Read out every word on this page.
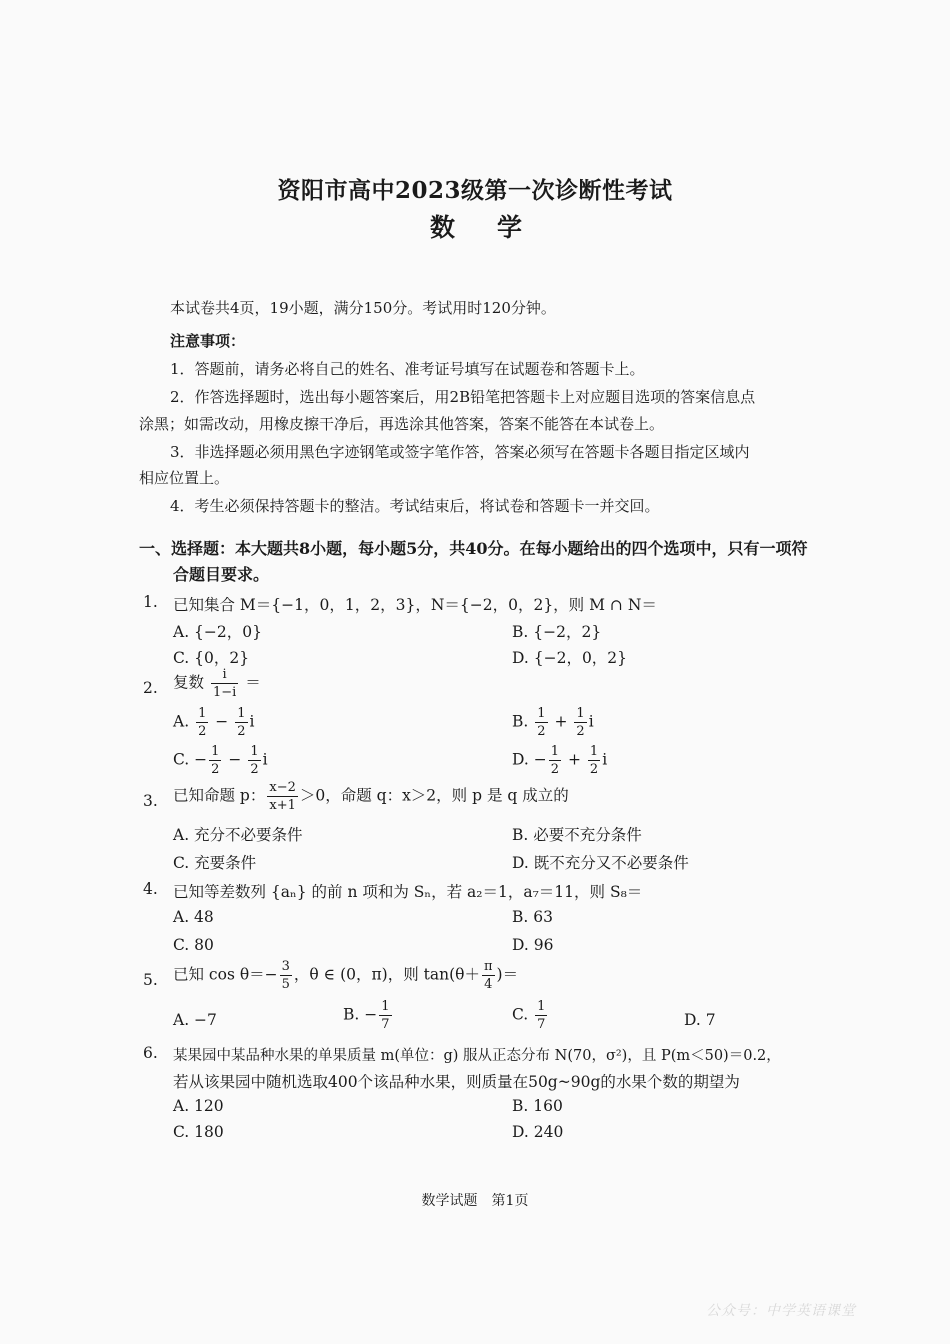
资阳市高中2023级第一次诊断性考试
数学
本试卷共4页，19小题，满分150分。考试用时120分钟。
注意事项：
1．答题前，请务必将自己的姓名、准考证号填写在试题卷和答题卡上。
2．作答选择题时，选出每小题答案后，用2B铅笔把答题卡上对应题目选项的答案信息点
涂黑；如需改动，用橡皮擦干净后，再选涂其他答案，答案不能答在本试卷上。
3．非选择题必须用黑色字迹钢笔或签字笔作答，答案必须写在答题卡各题目指定区域内
相应位置上。
4．考生必须保持答题卡的整洁。考试结束后，将试卷和答题卡一并交回。
一、选择题：本大题共8小题，每小题5分，共40分。在每小题给出的四个选项中，只有一项符
合题目要求。
1. 已知集合 M＝{−1，0，1，2，3}，N＝{−2，0，2}，则 M ∩ N＝
A. {−2，0}	B. {−2，2}
C. {0，2}	D. {−2，0，2}
2. 复数 $\frac{i}{1-i}$ ＝
A. $\frac{1}{2} - \frac{1}{2}$ i	B. $\frac{1}{2} + \frac{1}{2}$ i
C. − $\frac{1}{2} - \frac{1}{2}$ i	D. − $\frac{1}{2} + \frac{1}{2}$ i
3. 已知命题 p： $\frac{x-2}{x+1} >0$，命题 q：x＞2，则 p 是 q 成立的
A. 充分不必要条件	B. 必要不充分条件
C. 充要条件	D. 既不充分又不必要条件
4. 已知等差数列 {aₙ} 的前 n 项和为 Sₙ，若 a₂＝1，a₇＝11，则 S₈＝
A. 48	B. 63
C. 80	D. 96
5. 已知 $\cos \theta=- \frac{3}{5}$ ，θ ∈ (0，π)，则 $\tan(\theta+ \frac{\pi}{4}$ )＝
A. −7	B. − $\frac{1}{7}$	C. $\frac{1}{7}$	D. 7
6. 某果园中某品种水果的单果质量 m(单位：g) 服从正态分布 N(70，σ²)，且 P(m＜50)＝0.2，
若从该果园中随机选取400个该品种水果，则质量在50g~90g的水果个数的期望为
A. 120	B. 160
C. 180	D. 240
数学试题　第1页
公众号：中学英语课堂
